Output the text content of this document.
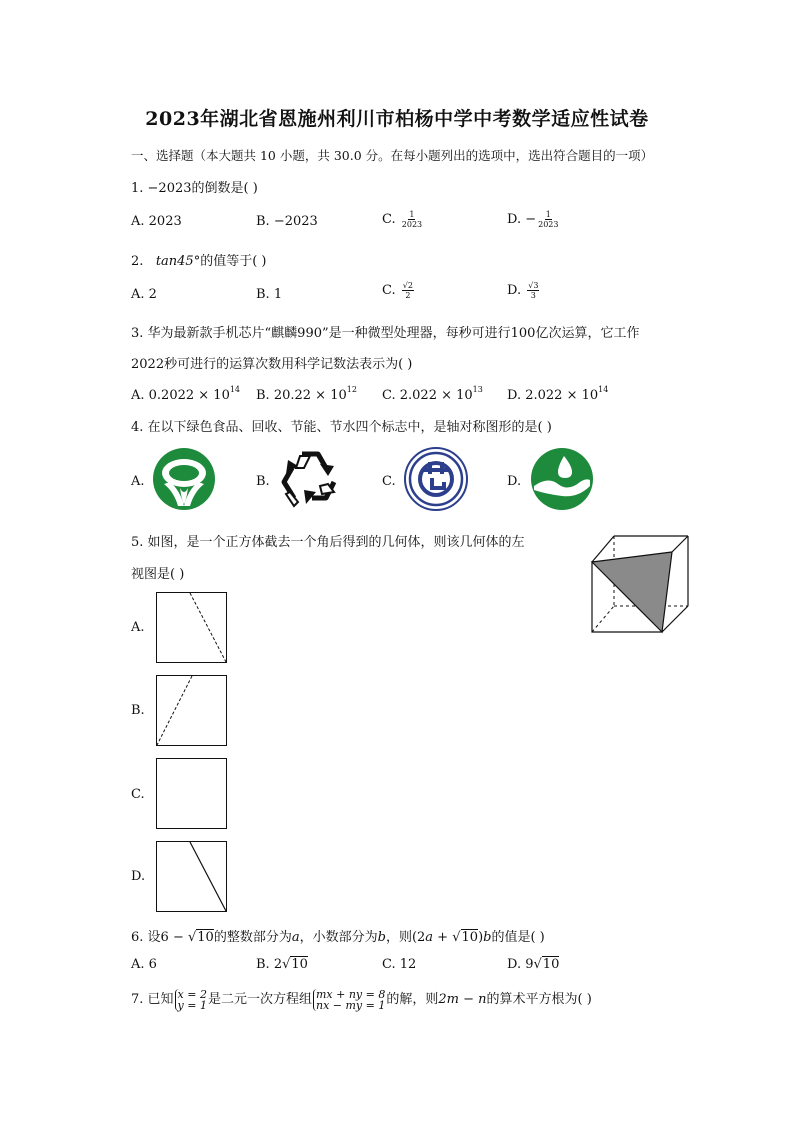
2023年湖北省恩施州利川市柏杨中学中考数学适应性试卷
一、选择题（本大题共 10 小题，共 30.0 分。在每小题列出的选项中，选出符合题目的一项）
1. −2023的倒数是( )
A. 2023	B. −2023	C. $\frac{1}{2023}$	D. − $\frac{1}{2023}$
2. tan45°的值等于( )
A. 2	B. 1	C. $\frac{√2}{2}$	D. $\frac{√3}{3}$
3. 华为最新款手机芯片“麒麟990”是一种微型处理器，每秒可进行100亿次运算，它工作
2022秒可进行的运算次数用科学记数法表示为( )
A. $0.2022 \times 10^{14}$ B. $20.22 \times 10^{12}$ C. $2.022 \times 10^{13}$ D. $2.022 \times 10^{14}$
4. 在以下绿色食品、回收、节能、节水四个标志中，是轴对称图形的是( )
A.	B.	C.	D.
5. 如图，是一个正方体截去一个角后得到的几何体，则该几何体的左
视图是( )
A.
B.
C.
D.
6. 设6 − √10的整数部分为a，小数部分为b，则(2a + √10)b的值是( )
A. 6	B. 2√10	C. 12	D. 9√10
7. 已知 x = 2
y = 1 是二元一次方程组 mx + ny = 8
nx − my = 1 的解，则2m − n的算术平方根为( )
